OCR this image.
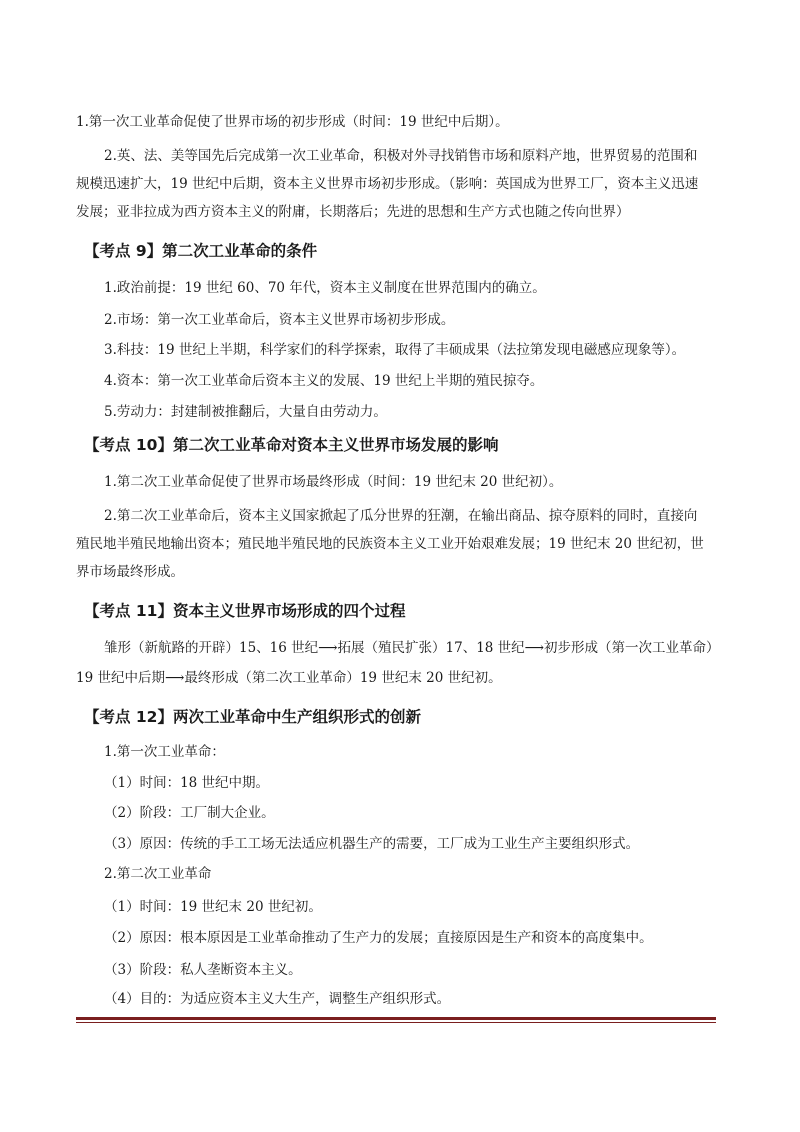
1.第一次工业革命促使了世界市场的初步形成（时间：19 世纪中后期）。
2.英、法、美等国先后完成第一次工业革命，积极对外寻找销售市场和原料产地，世界贸易的范围和
规模迅速扩大，19 世纪中后期，资本主义世界市场初步形成。（影响：英国成为世界工厂，资本主义迅速
发展；亚非拉成为西方资本主义的附庸，长期落后；先进的思想和生产方式也随之传向世界）
【考点 9】第二次工业革命的条件
1.政治前提：19 世纪 60、70 年代，资本主义制度在世界范围内的确立。
2.市场：第一次工业革命后，资本主义世界市场初步形成。
3.科技：19 世纪上半期，科学家们的科学探索，取得了丰硕成果（法拉第发现电磁感应现象等）。
4.资本：第一次工业革命后资本主义的发展、19 世纪上半期的殖民掠夺。
5.劳动力：封建制被推翻后，大量自由劳动力。
【考点 10】第二次工业革命对资本主义世界市场发展的影响
1.第二次工业革命促使了世界市场最终形成（时间：19 世纪末 20 世纪初）。
2.第二次工业革命后，资本主义国家掀起了瓜分世界的狂潮，在输出商品、掠夺原料的同时，直接向
殖民地半殖民地输出资本；殖民地半殖民地的民族资本主义工业开始艰难发展；19 世纪末 20 世纪初，世
界市场最终形成。
【考点 11】资本主义世界市场形成的四个过程
雏形（新航路的开辟）15、16 世纪⟶拓展（殖民扩张）17、18 世纪⟶初步形成（第一次工业革命）
19 世纪中后期⟶最终形成（第二次工业革命）19 世纪末 20 世纪初。
【考点 12】两次工业革命中生产组织形式的创新
1.第一次工业革命：
（1）时间：18 世纪中期。
（2）阶段：工厂制大企业。
（3）原因：传统的手工工场无法适应机器生产的需要，工厂成为工业生产主要组织形式。
2.第二次工业革命
（1）时间：19 世纪末 20 世纪初。
（2）原因：根本原因是工业革命推动了生产力的发展；直接原因是生产和资本的高度集中。
（3）阶段：私人垄断资本主义。
（4）目的：为适应资本主义大生产，调整生产组织形式。
